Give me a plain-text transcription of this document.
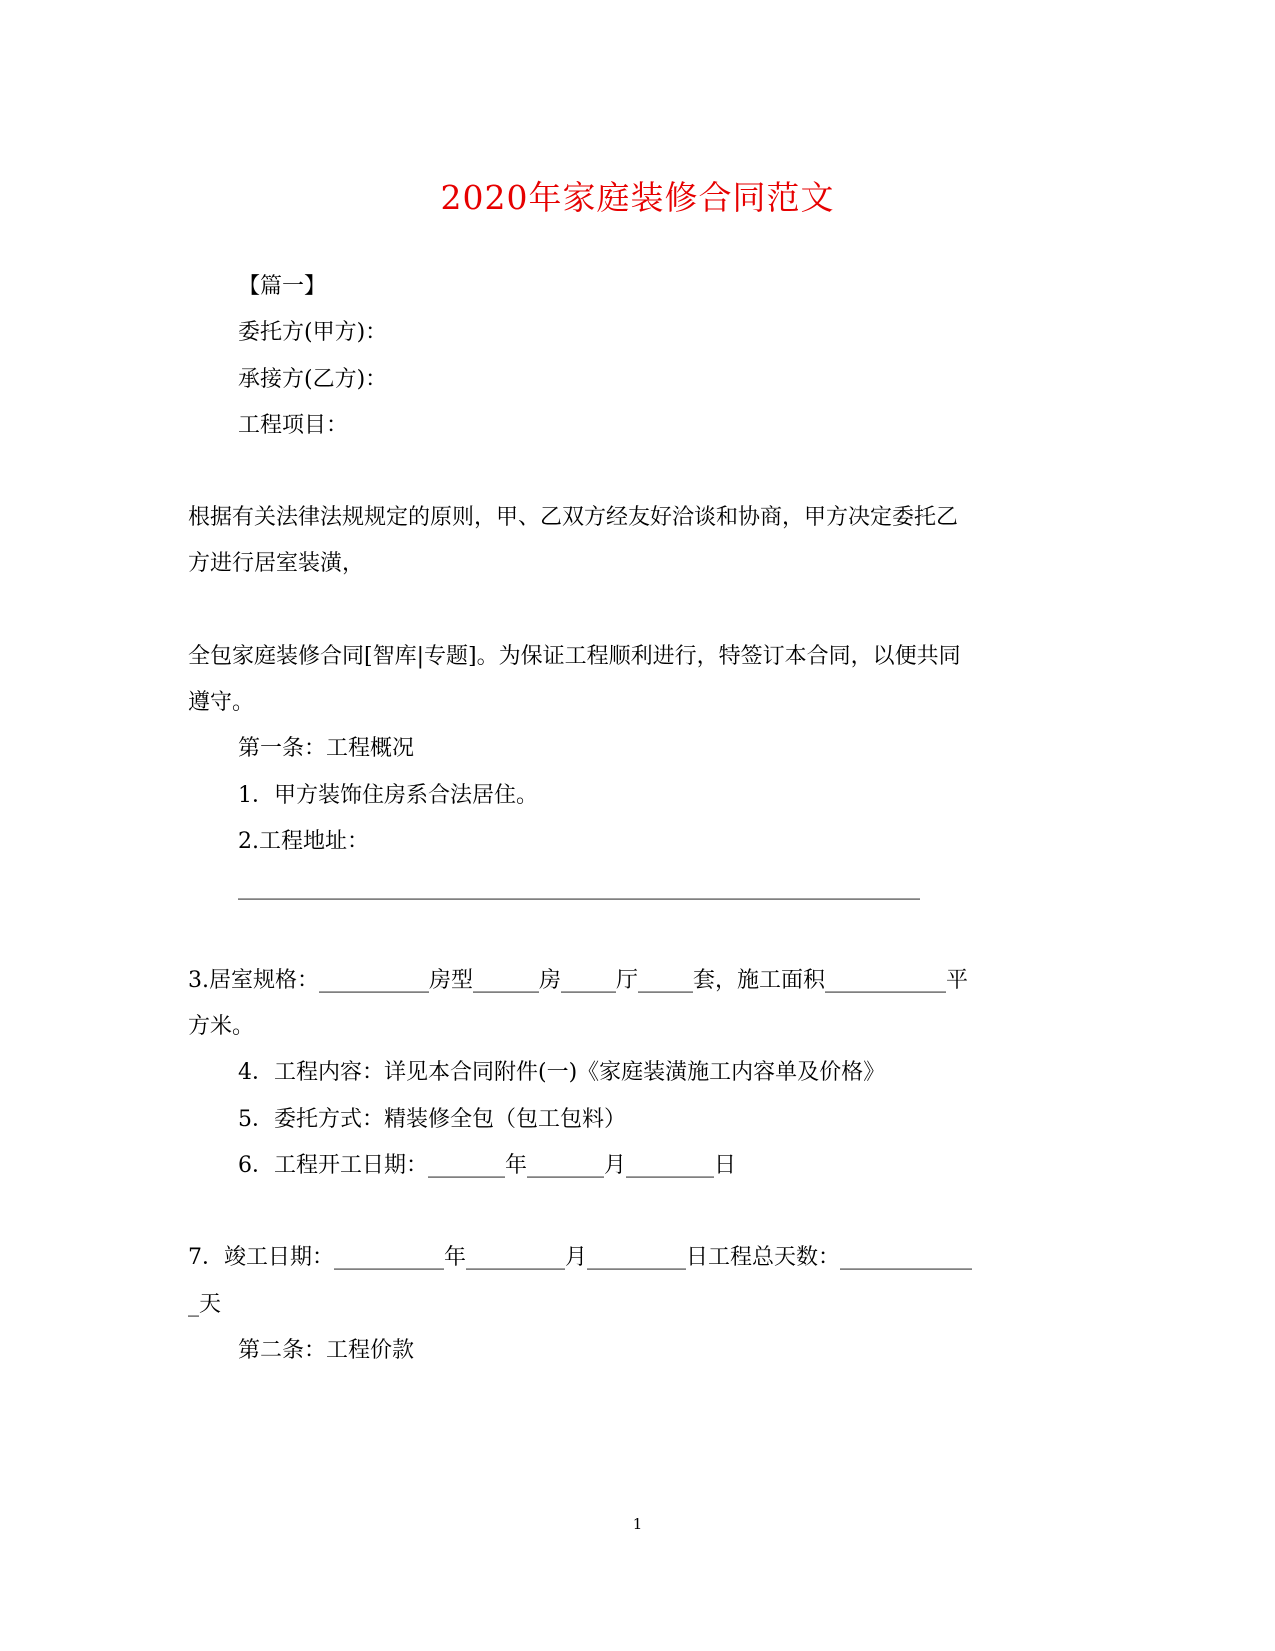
2020年家庭装修合同范文
【篇一】
委托方(甲方)：
承接方(乙方)：
工程项目：
根据有关法律法规规定的原则，甲、乙双方经友好洽谈和协商，甲方决定委托乙
方进行居室装潢，
全包家庭装修合同[智库|专题]。为保证工程顺利进行，特签订本合同，以便共同
遵守。
第一条：工程概况
1．甲方装饰住房系合法居住。
2.工程地址：
______________________________________________________________
3.居室规格：__________房型______房_____厅_____套，施工面积___________平
方米。
4．工程内容：详见本合同附件(一)《家庭装潢施工内容单及价格》
5．委托方式：精装修全包（包工包料）
6．工程开工日期：_______年_______月________日
7．竣工日期：__________年_________月_________日工程总天数：____________
_天
第二条：工程价款
1
